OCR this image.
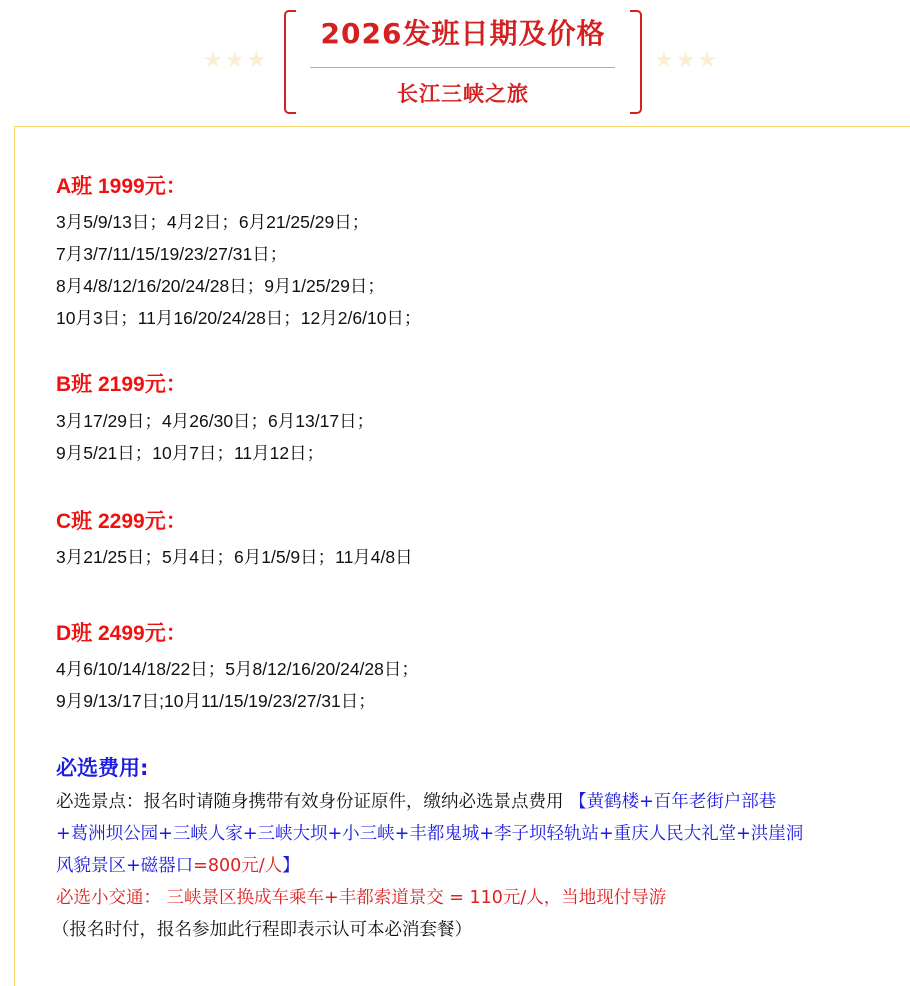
★★★
2026发班日期及价格
长江三峡之旅
★★★
A班 1999元：
3月5/9/13日；4月2日；6月21/25/29日；
7月3/7/11/15/19/23/27/31日；
8月4/8/12/16/20/24/28日；9月1/25/29日；
10月3日；11月16/20/24/28日；12月2/6/10日；
B班 2199元：
3月17/29日；4月26/30日；6月13/17日；
9月5/21日；10月7日；11月12日；
C班 2299元：
3月21/25日；5月4日；6月1/5/9日；11月4/8日
D班 2499元：
4月6/10/14/18/22日；5月8/12/16/20/24/28日；
9月9/13/17日;10月11/15/19/23/27/31日；
必选费用:
必选景点：报名时请随身携带有效身份证原件，缴纳必选景点费用 【黄鹤楼+百年老街户部巷
+葛洲坝公园+三峡人家+三峡大坝+小三峡+丰都鬼城+李子坝轻轨站+重庆人民大礼堂+洪崖洞
风貌景区+磁器口=800元/人】
必选小交通： 三峡景区换成车乘车+丰都索道景交 = 110元/人，当地现付导游
（报名时付，报名参加此行程即表示认可本必消套餐）
